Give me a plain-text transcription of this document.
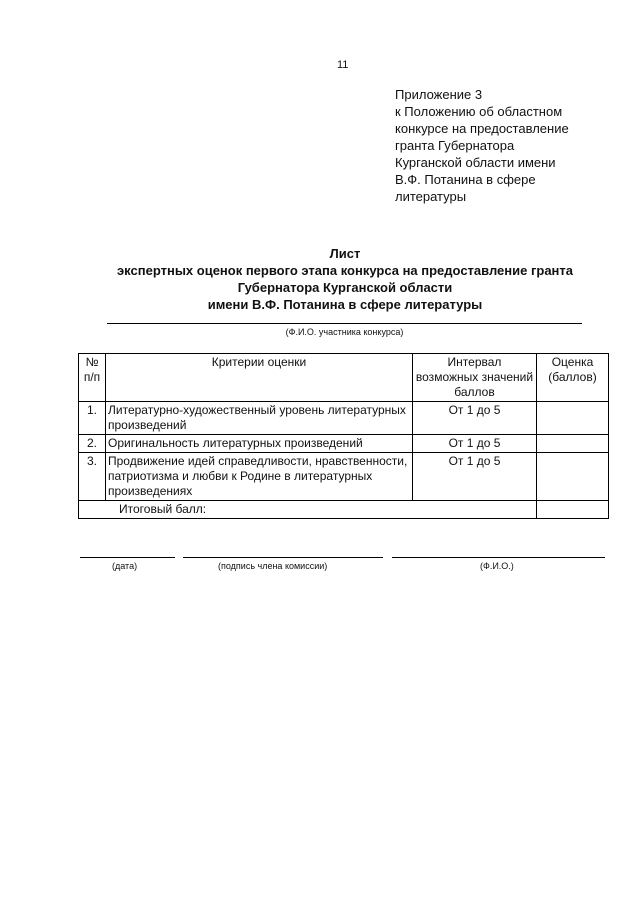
11
Приложение 3
к Положению об областном
конкурсе на предоставление
гранта Губернатора
Курганской области имени
В.Ф. Потанина в сфере
литературы
Лист
экспертных оценок первого этапа конкурса на предоставление гранта
Губернатора Курганской области
имени В.Ф. Потанина в сфере литературы
(Ф.И.О. участника конкурса)
№ п/п	Критерии оценки	Интервал возможных значений баллов	Оценка (баллов)
1.	Литературно-художественный уровень литературных произведений	От 1 до 5	
2.	Оригинальность литературных произведений	От 1 до 5	
3.	Продвижение идей справедливости, нравственности, патриотизма и любви к Родине в литературных произведениях	От 1 до 5	
Итоговый балл:			
(дата)	(подпись члена комиссии)	(Ф.И.О.)
